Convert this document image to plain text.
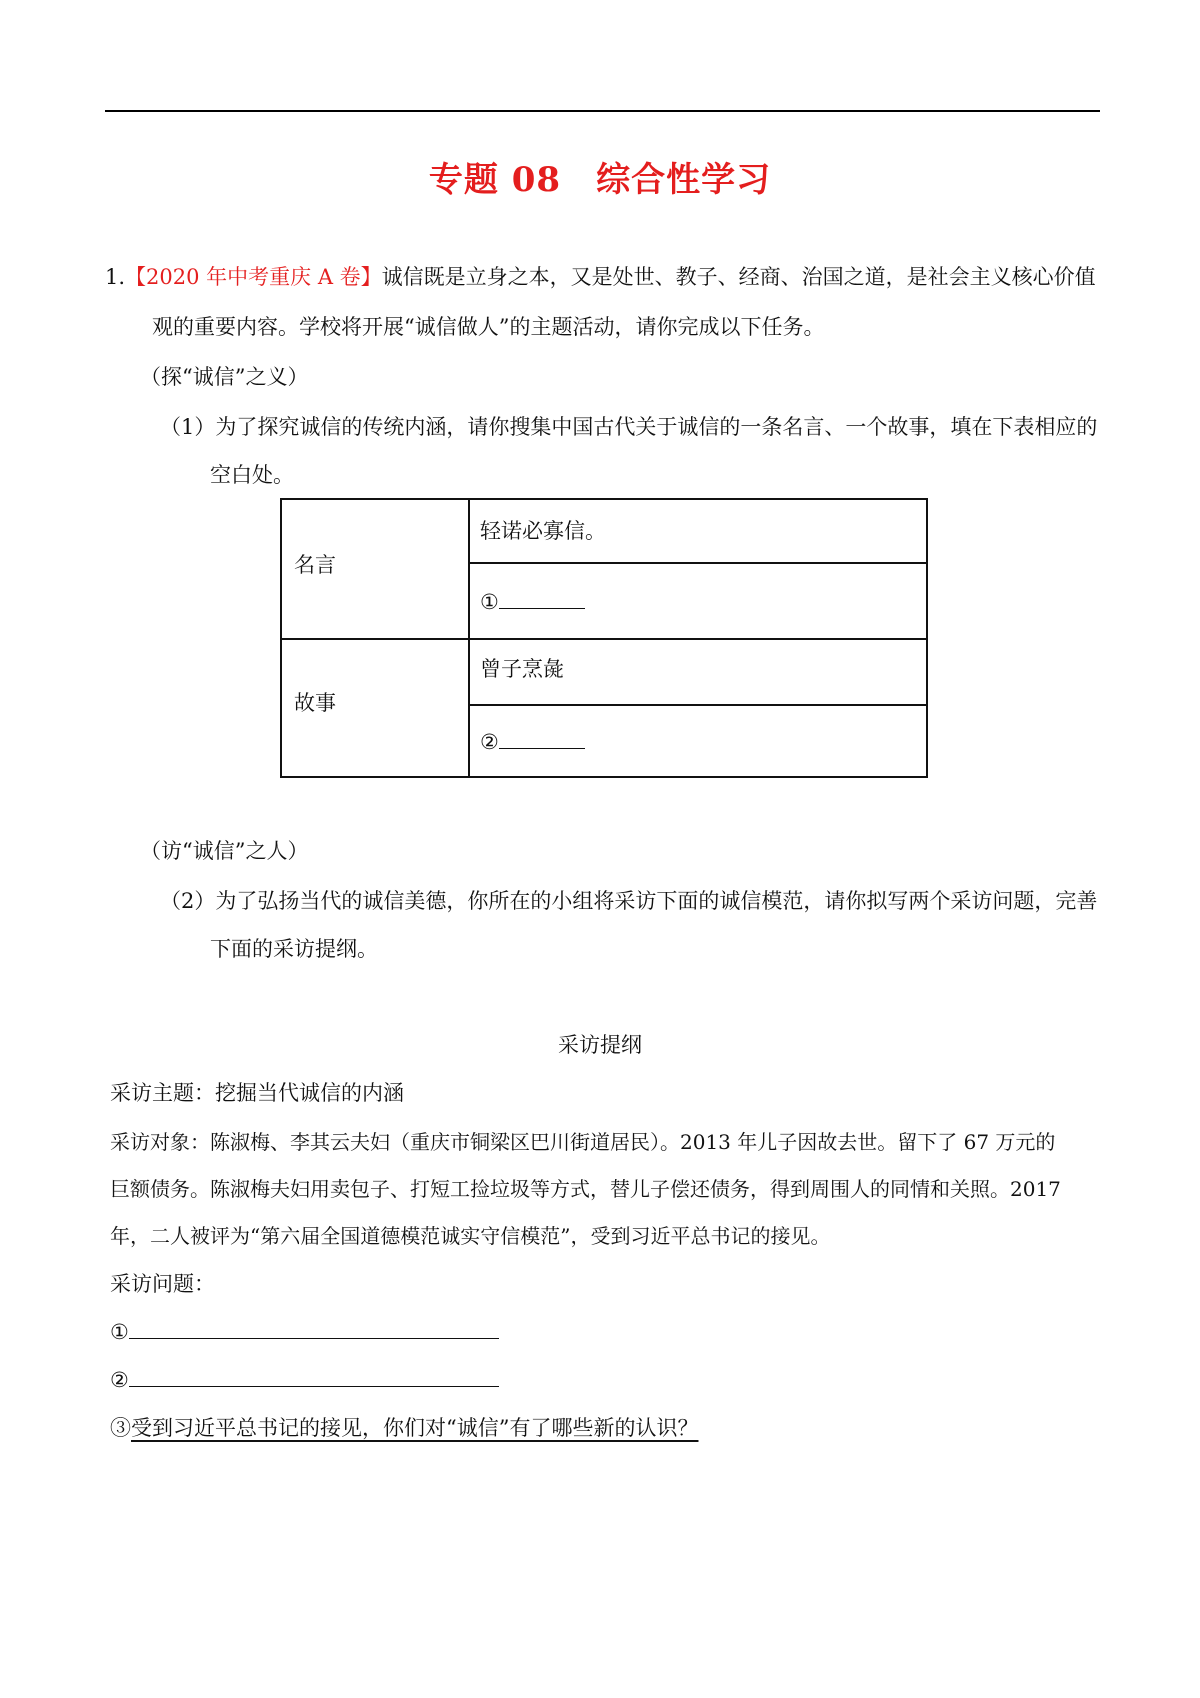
专题 08　综合性学习
1.【2020 年中考重庆 A 卷】诚信既是立身之本，又是处世、教子、经商、治国之道，是社会主义核心价值
观的重要内容。学校将开展“诚信做人”的主题活动，请你完成以下任务。
（探“诚信”之义）
（1）为了探究诚信的传统内涵，请你搜集中国古代关于诚信的一条名言、一个故事，填在下表相应的
空白处。
名言
轻诺必寡信。
①
故事
曾子烹彘
②
（访“诚信”之人）
（2）为了弘扬当代的诚信美德，你所在的小组将采访下面的诚信模范，请你拟写两个采访问题，完善
下面的采访提纲。
采访提纲
采访主题：挖掘当代诚信的内涵
采访对象：陈淑梅、李其云夫妇（重庆市铜梁区巴川街道居民）。2013 年儿子因故去世。留下了 67 万元的
巨额债务。陈淑梅夫妇用卖包子、打短工捡垃圾等方式，替儿子偿还债务，得到周围人的同情和关照。2017
年，二人被评为“第六届全国道德模范诚实守信模范”，受到习近平总书记的接见。
采访问题：
①
②
③受到习近平总书记的接见，你们对“诚信”有了哪些新的认识？
